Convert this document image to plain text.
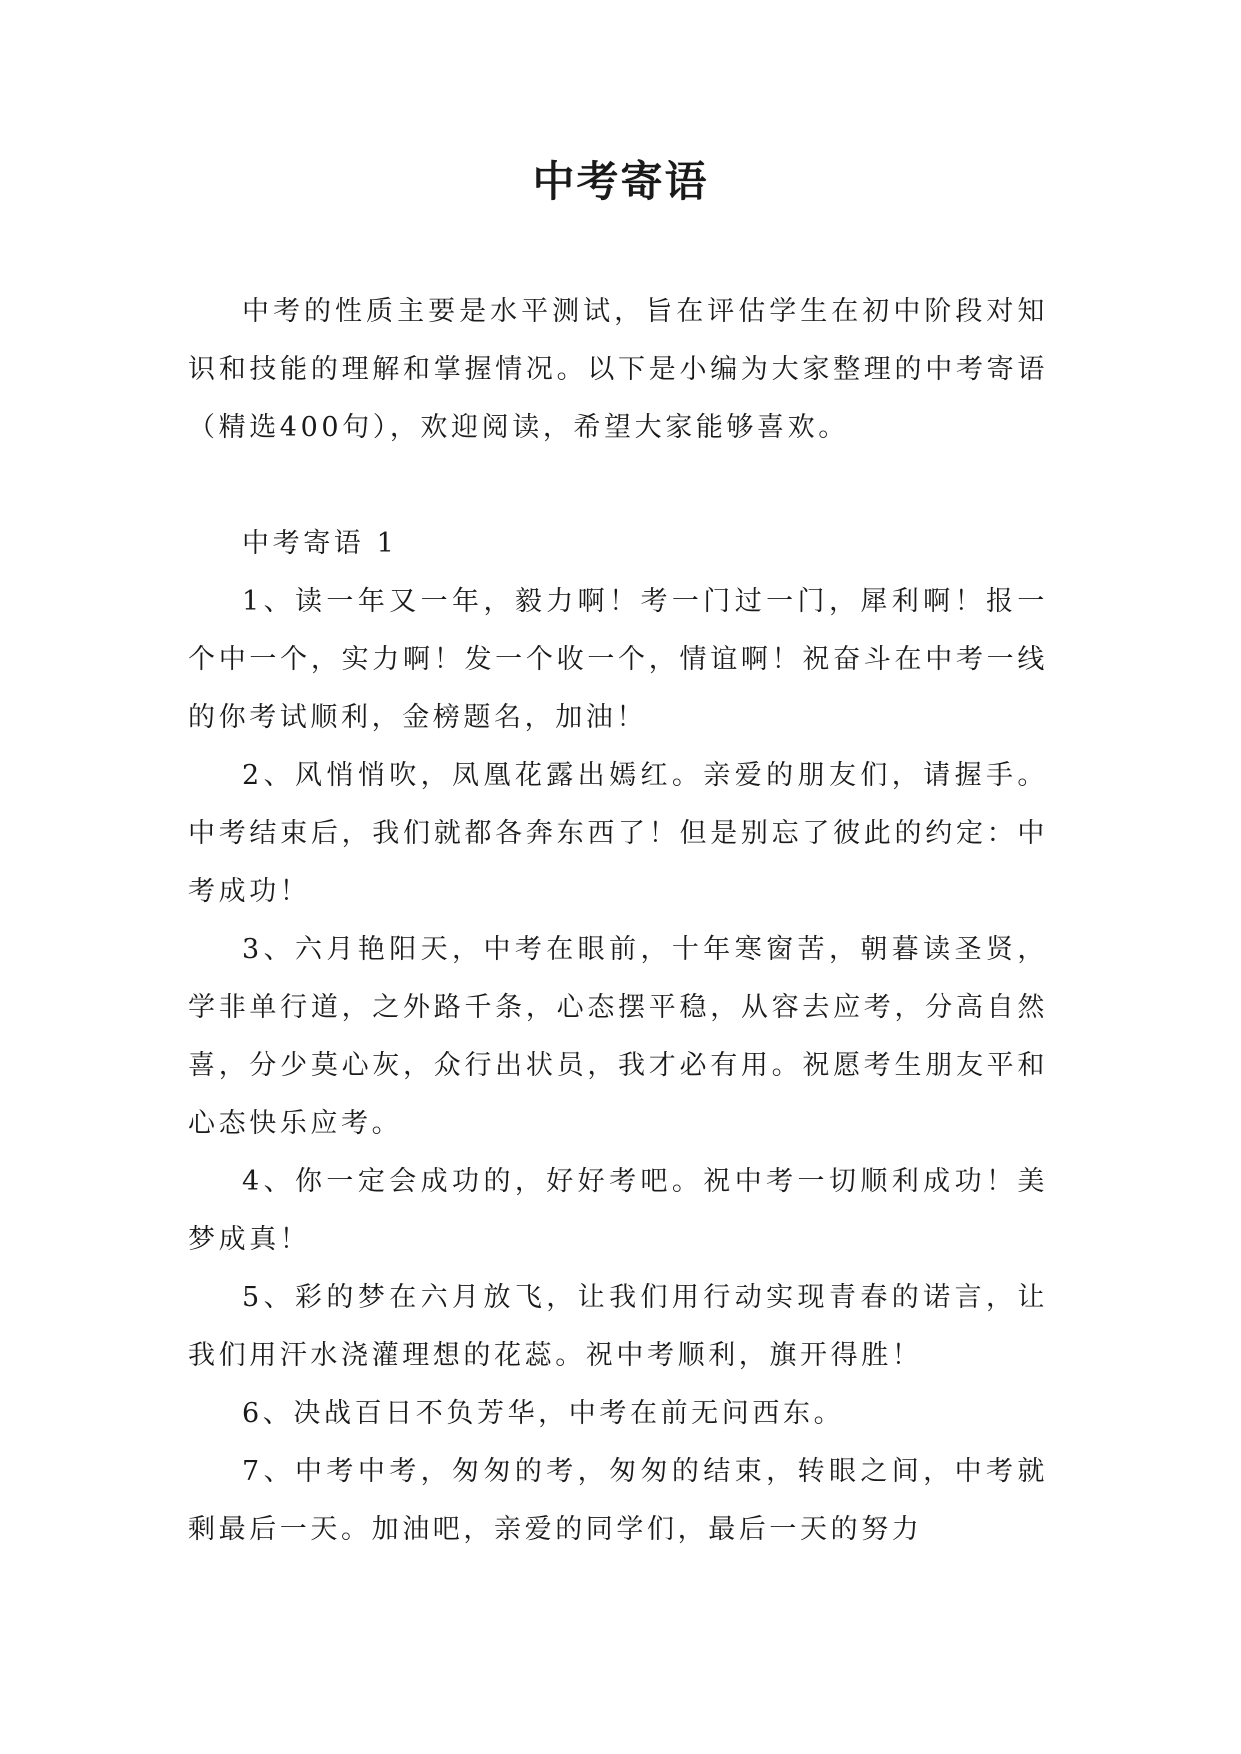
中考寄语

中考的性质主要是水平测试，旨在评估学生在初中阶段对知识和技能的理解和掌握情况。以下是小编为大家整理的中考寄语（精选400句），欢迎阅读，希望大家能够喜欢。

中考寄语 1

1、读一年又一年，毅力啊！考一门过一门，犀利啊！报一个中一个，实力啊！发一个收一个，情谊啊！祝奋斗在中考一线的你考试顺利，金榜题名，加油！

2、风悄悄吹，凤凰花露出嫣红。亲爱的朋友们，请握手。中考结束后，我们就都各奔东西了！但是别忘了彼此的约定：中考成功！

3、六月艳阳天，中考在眼前，十年寒窗苦，朝暮读圣贤，学非单行道，之外路千条，心态摆平稳，从容去应考，分高自然喜，分少莫心灰，众行出状员，我才必有用。祝愿考生朋友平和心态快乐应考。

4、你一定会成功的，好好考吧。祝中考一切顺利成功！美梦成真！

5、彩的梦在六月放飞，让我们用行动实现青春的诺言，让我们用汗水浇灌理想的花蕊。祝中考顺利，旗开得胜！

6、决战百日不负芳华，中考在前无问西东。

7、中考中考，匆匆的考，匆匆的结束，转眼之间，中考就剩最后一天。加油吧，亲爱的同学们，最后一天的努力
